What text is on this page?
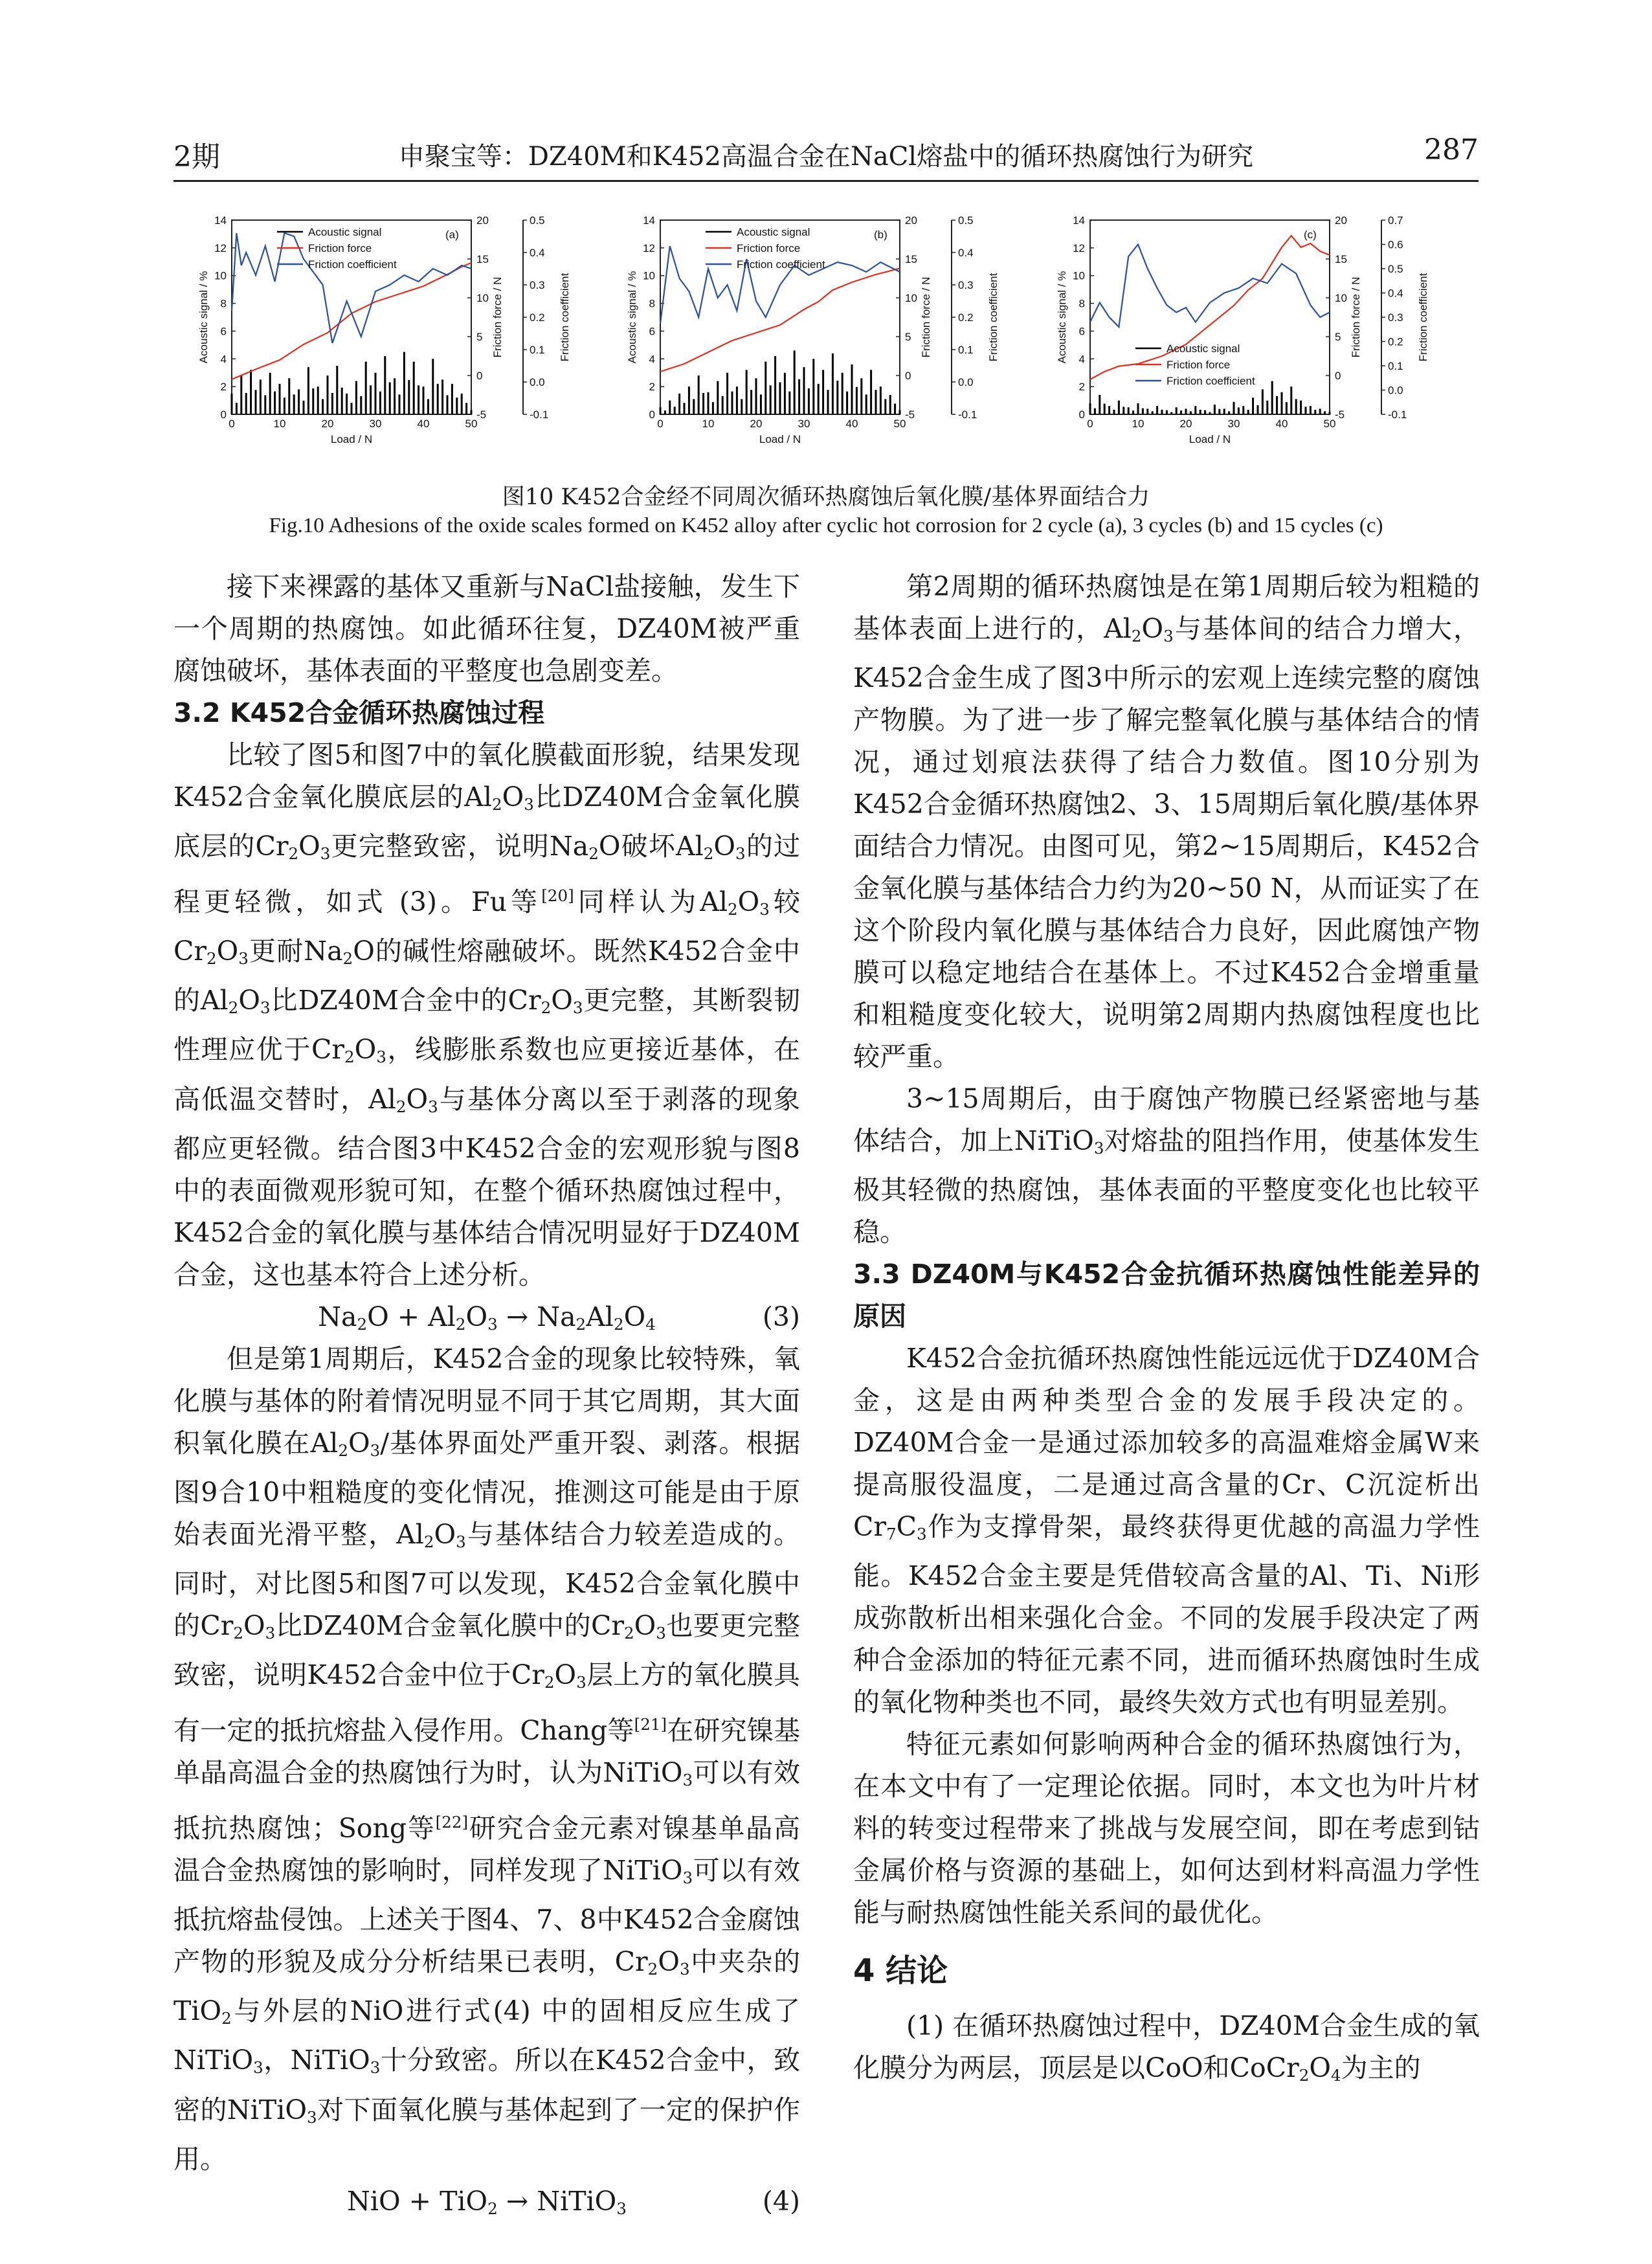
2期	申聚宝等：DZ40M和K452高温合金在NaCl熔盐中的循环热腐蚀行为研究	287
0	10	20	30	40	50
Load / N
0
2
4
6
8
10
12
14
Acoustic signal / %
-5
0
5
10
15
20
Friction force / N
-0.1
0.0
0.1
0.2
0.3
0.4
0.5
Friction coefficient
Acoustic signal
Friction force
Friction coefficient
(a)
0	10	20	30	40	50
Load / N
0
2
4
6
8
10
12
14
Acoustic signal / %
-5
0
5
10
15
20
Friction force / N
-0.1
0.0
0.1
0.2
0.3
0.4
0.5
Friction coefficient
Acoustic signal
Friction force
Friction coefficient
(b)
0	10	20	30	40	50
Load / N
0
2
4
6
8
10
12
14
Acoustic signal / %
-5
0
5
10
15
20
Friction force / N
-0.1
0.0
0.1
0.2
0.3
0.4
0.5
0.6
0.7
Friction coefficient
Acoustic signal
Friction force
Friction coefficient
(c)
图10 K452合金经不同周次循环热腐蚀后氧化膜/基体界面结合力
Fig.10 Adhesions of the oxide scales formed on K452 alloy after cyclic hot corrosion for 2 cycle (a), 3 cycles (b) and 15 cycles (c)

接下来裸露的基体又重新与NaCl盐接触，发生下一个周期的热腐蚀。如此循环往复，DZ40M被严重腐蚀破坏，基体表面的平整度也急剧变差。

3.2 K452合金循环热腐蚀过程

比较了图5和图7中的氧化膜截面形貌，结果发现K452合金氧化膜底层的$Al_2O_3$比DZ40M合金氧化膜底层的$Cr_2O_3$更完整致密，说明$Na_2O$破坏$Al_2O_3$的过程更轻微，如式 (3)。Fu等[20]同样认为$Al_2O_3$较$Cr_2O_3$更耐$Na_2O$的碱性熔融破坏。既然K452合金中的$Al_2O_3$比DZ40M合金中的$Cr_2O_3$更完整，其断裂韧性理应优于$Cr_2O_3$，线膨胀系数也应更接近基体，在高低温交替时，$Al_2O_3$与基体分离以至于剥落的现象都应更轻微。结合图3中K452合金的宏观形貌与图8中的表面微观形貌可知，在整个循环热腐蚀过程中，K452合金的氧化膜与基体结合情况明显好于DZ40M合金，这也基本符合上述分析。

$Na_2O + Al_2O_3 \to Na_2Al_2O_4$	(3)

但是第1周期后，K452合金的现象比较特殊，氧化膜与基体的附着情况明显不同于其它周期，其大面积氧化膜在$Al_2O_3/$基体界面处严重开裂、剥落。根据图9合10中粗糙度的变化情况，推测这可能是由于原始表面光滑平整，$Al_2O_3$与基体结合力较差造成的。同时，对比图5和图7可以发现，K452合金氧化膜中的$Cr_2O_3$比DZ40M合金氧化膜中的$Cr_2O_3$也要更完整致密，说明K452合金中位于$Cr_2O_3$层上方的氧化膜具有一定的抵抗熔盐入侵作用。Chang等[21]在研究镍基单晶高温合金的热腐蚀行为时，认为NiTiO$_3$可以有效抵抗热腐蚀；Song等[22]研究合金元素对镍基单晶高温合金热腐蚀的影响时，同样发现了NiTiO$_3$可以有效抵抗熔盐侵蚀。上述关于图4、7、8中K452合金腐蚀产物的形貌及成分分析结果已表明，$Cr_2O_3$中夹杂的TiO$_2$与外层的NiO进行式(4) 中的固相反应生成了NiTiO$_3$，NiTiO$_3$十分致密。所以在K452合金中，致密的NiTiO$_3$对下面氧化膜与基体起到了一定的保护作用。

NiO + TiO$_2$ → NiTiO$_3$	(4)

第2周期的循环热腐蚀是在第1周期后较为粗糙的基体表面上进行的，$Al_2O_3$与基体间的结合力增大，K452合金生成了图3中所示的宏观上连续完整的腐蚀产物膜。为了进一步了解完整氧化膜与基体结合的情况，通过划痕法获得了结合力数值。图10分别为K452合金循环热腐蚀2、3、15周期后氧化膜/基体界面结合力情况。由图可见，第2~15周期后，K452合金氧化膜与基体结合力约为20~50 N，从而证实了在这个阶段内氧化膜与基体结合力良好，因此腐蚀产物膜可以稳定地结合在基体上。不过K452合金增重量和粗糙度变化较大，说明第2周期内热腐蚀程度也比较严重。

3~15周期后，由于腐蚀产物膜已经紧密地与基体结合，加上NiTiO$_3$对熔盐的阻挡作用，使基体发生极其轻微的热腐蚀，基体表面的平整度变化也比较平稳。

3.3 DZ40M与K452合金抗循环热腐蚀性能差异的原因

K452合金抗循环热腐蚀性能远远优于DZ40M合金，这是由两种类型合金的发展手段决定的。DZ40M合金一是通过添加较多的高温难熔金属W来提高服役温度，二是通过高含量的Cr、C沉淀析出$Cr_7C_3$作为支撑骨架，最终获得更优越的高温力学性能。K452合金主要是凭借较高含量的Al、Ti、Ni形成弥散析出相来强化合金。不同的发展手段决定了两种合金添加的特征元素不同，进而循环热腐蚀时生成的氧化物种类也不同，最终失效方式也有明显差别。

特征元素如何影响两种合金的循环热腐蚀行为，在本文中有了一定理论依据。同时，本文也为叶片材料的转变过程带来了挑战与发展空间，即在考虑到钴金属价格与资源的基础上，如何达到材料高温力学性能与耐热腐蚀性能关系间的最优化。

4 结论

(1) 在循环热腐蚀过程中，DZ40M合金生成的氧化膜分为两层，顶层是以CoO和$CoCr_2O_4$为主的
